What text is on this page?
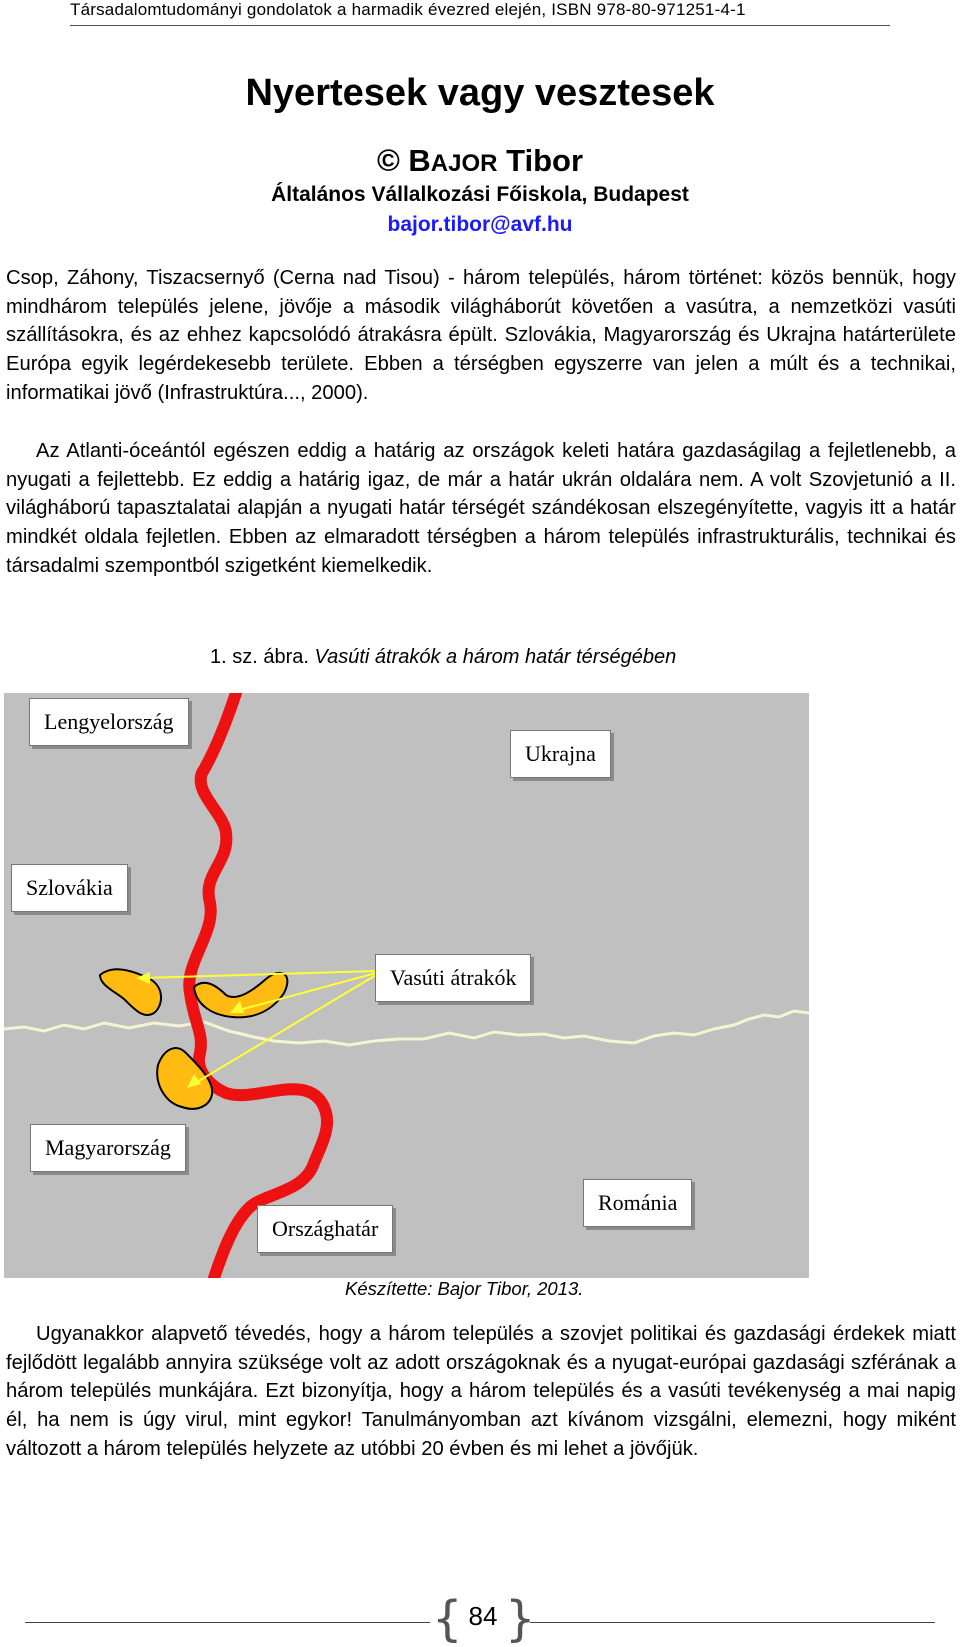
Társadalomtudományi gondolatok a harmadik évezred elején, ISBN 978-80-971251-4-1
Nyertesek vagy vesztesek
© BAJOR Tibor
Általános Vállalkozási Főiskola, Budapest
bajor.tibor@avf.hu

Csop, Záhony, Tiszacsernyő (Cerna nad Tisou) - három település, három történet: közös bennük, hogy mindhárom település jelene, jövője a második világháborút követően a vasútra, a nemzetközi vasúti szállításokra, és az ehhez kapcsolódó átrakásra épült. Szlovákia, Magyarország és Ukrajna határterülete Európa egyik legérdekesebb területe. Ebben a térségben egyszerre van jelen a múlt és a technikai, informatikai jövő (Infrastruktúra..., 2000).

Az Atlanti-óceántól egészen eddig a határig az országok keleti határa gazdaságilag a fejletlenebb, a nyugati a fejlettebb. Ez eddig a határig igaz, de már a határ ukrán oldalára nem. A volt Szovjetunió a II. világháború tapasztalatai alapján a nyugati határ térségét szándékosan elszegényítette, vagyis itt a határ mindkét oldala fejletlen. Ebben az elmaradott térségben a három település infrastrukturális, technikai és társadalmi szempontból szigetként kiemelkedik.

1. sz. ábra. Vasúti átrakók a három határ térségében
Lengyelország
Ukrajna
Szlovákia
Vasúti átrakók
Magyarország
Románia
Országhatár
Készítette: Bajor Tibor, 2013.

Ugyanakkor alapvető tévedés, hogy a három település a szovjet politikai és gazdasági érdekek miatt fejlődött legalább annyira szüksége volt az adott országoknak és a nyugat-európai gazdasági szférának a három település munkájára. Ezt bizonyítja, hogy a három település és a vasúti tevékenység a mai napig él, ha nem is úgy virul, mint egykor! Tanulmányomban azt kívánom vizsgálni, elemezni, hogy miként változott a három település helyzete az utóbbi 20 évben és mi lehet a jövőjük.

{ }
84
